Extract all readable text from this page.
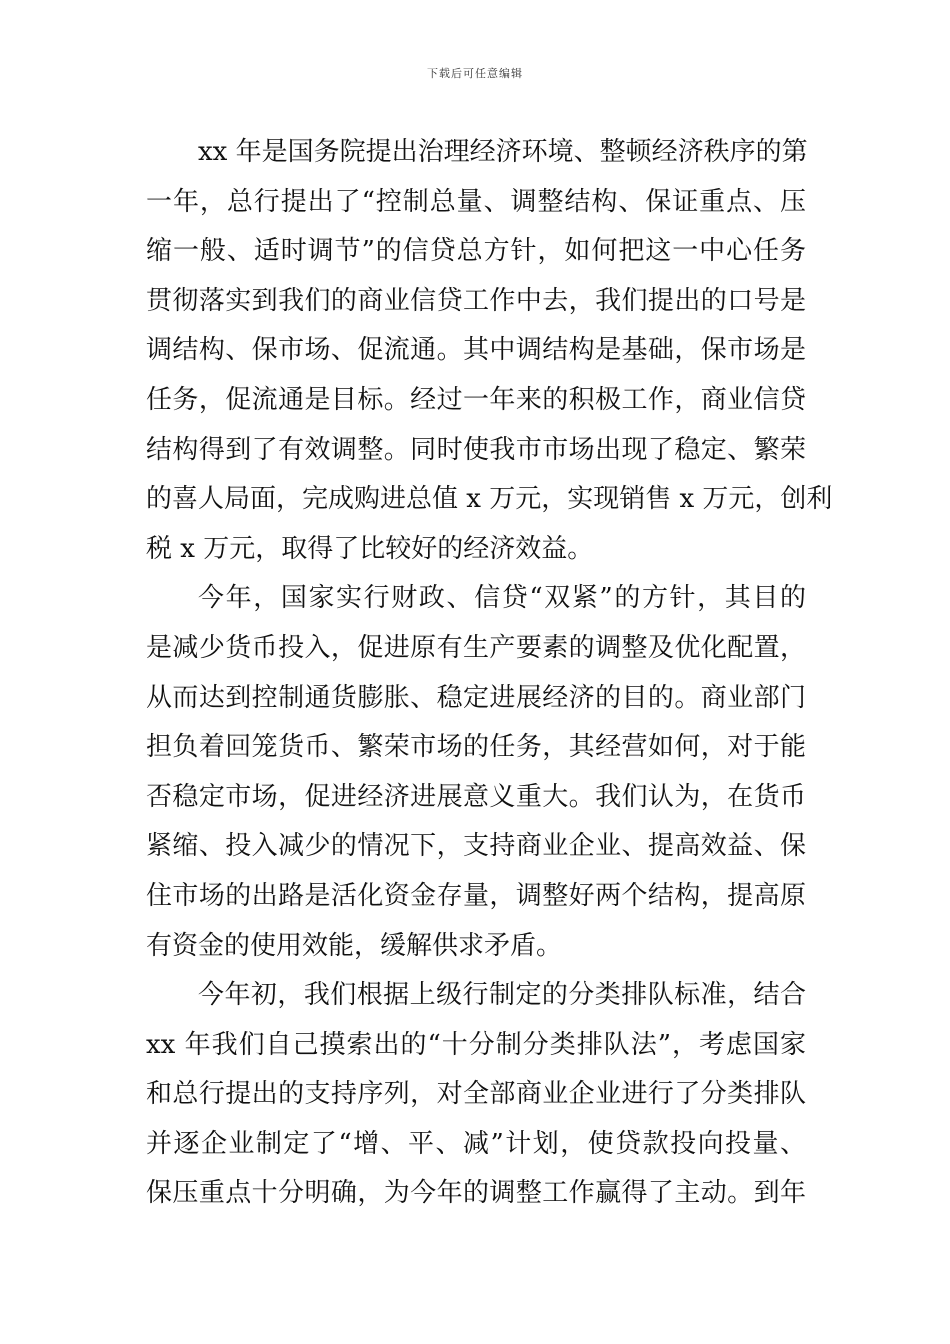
下载后可任意编辑
xx 年是国务院提出治理经济环境、整顿经济秩序的第
一年，总行提出了“控制总量、调整结构、保证重点、压
缩一般、适时调节”的信贷总方针，如何把这一中心任务
贯彻落实到我们的商业信贷工作中去，我们提出的口号是
调结构、保市场、促流通。其中调结构是基础，保市场是
任务，促流通是目标。经过一年来的积极工作，商业信贷
结构得到了有效调整。同时使我市市场出现了稳定、繁荣
的喜人局面，完成购进总值 x 万元，实现销售 x 万元，创利
税 x 万元，取得了比较好的经济效益。
今年，国家实行财政、信贷“双紧”的方针，其目的
是减少货币投入，促进原有生产要素的调整及优化配置，
从而达到控制通货膨胀、稳定进展经济的目的。商业部门
担负着回笼货币、繁荣市场的任务，其经营如何，对于能
否稳定市场，促进经济进展意义重大。我们认为，在货币
紧缩、投入减少的情况下，支持商业企业、提高效益、保
住市场的出路是活化资金存量，调整好两个结构，提高原
有资金的使用效能，缓解供求矛盾。
今年初，我们根据上级行制定的分类排队标准，结合
xx 年我们自己摸索出的“十分制分类排队法”，考虑国家
和总行提出的支持序列，对全部商业企业进行了分类排队
并逐企业制定了“增、平、减”计划，使贷款投向投量、
保压重点十分明确，为今年的调整工作赢得了主动。到年
